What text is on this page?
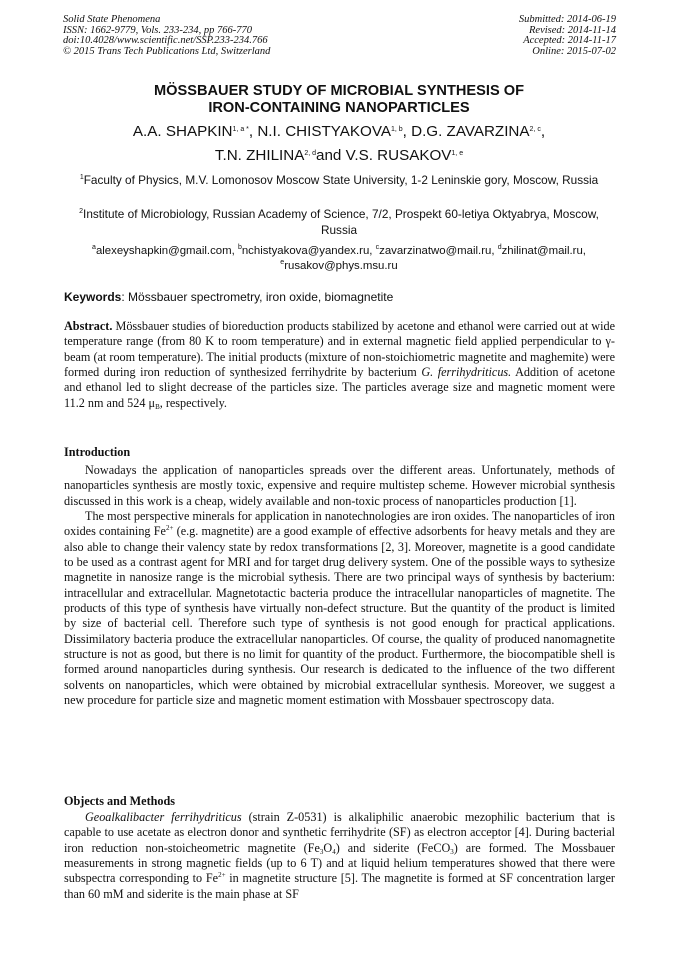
Solid State Phenomena
ISSN: 1662-9779, Vols. 233-234, pp 766-770
doi:10.4028/www.scientific.net/SSP.233-234.766
© 2015 Trans Tech Publications Ltd, Switzerland
Submitted: 2014-06-19
Revised: 2014-11-14
Accepted: 2014-11-17
Online: 2015-07-02
MÖSSBAUER STUDY OF MICROBIAL SYNTHESIS OF
IRON-CONTAINING NANOPARTICLES
A.A. $SHAPKIN^{1, a *}$, N.I. CHISTYAKOVA$^{1, b}$, D.G. ZAVARZINA$^{2, c}$,
T.N. ZHILINA$^{2, d}$and V.S. RUSAKOV$^{1, e}$
$^1$Faculty of Physics, M.V. Lomonosov Moscow State University, 1-2 Leninskie gory, Moscow, Russia
$^2$Institute of Microbiology, Russian Academy of Science, 7/2, Prospekt 60-letiya Oktyabrya, Moscow, Russia
$^a$alexeyshapkin@gmail.com, $^b$nchistyakova@yandex.ru, $^c$zavarzinatwo@mail.ru, $^d$zhilinat@mail.ru,
$^e$rusakov@phys.msu.ru
Keywords: Mössbauer spectrometry, iron oxide, biomagnetite
Abstract. Mössbauer studies of bioreduction products stabilized by acetone and ethanol were carried out at wide temperature range (from 80 K to room temperature) and in external magnetic field applied perpendicular to γ-beam (at room temperature). The initial products (mixture of non-stoichiometric magnetite and maghemite) were formed during iron reduction of synthesized ferrihydrite by bacterium G. ferrihydriticus. Addition of acetone and ethanol led to slight decrease of the particles size. The particles average size and magnetic moment were 11.2 nm and 524 $\mu_B$, respectively.
Introduction

Nowadays the application of nanoparticles spreads over the different areas. Unfortunately, methods of nanoparticles synthesis are mostly toxic, expensive and require multistep scheme. However microbial synthesis discussed in this work is a cheap, widely available and non-toxic process of nanoparticles production [1].

The most perspective minerals for application in nanotechnologies are iron oxides. The nanoparticles of iron oxides containing $Fe^{2+}$ (e.g. magnetite) are a good example of effective adsorbents for heavy metals and they are also able to change their valency state by redox transformations [2, 3]. Moreover, magnetite is a good candidate to be used as a contrast agent for MRI and for target drug delivery system. One of the possible ways to sythesize magnetite in nanosize range is the microbial sythesis. There are two principal ways of synthesis by bacterium: intracellular and extracellular. Magnetotactic bacteria produce the intracellular nanoparticles of magnetite. The products of this type of synthesis have virtually non-defect structure. But the quantity of the product is limited by size of bacterial cell. Therefore such type of synthesis is not good enough for practical applications. Dissimilatory bacteria produce the extracellular nanoparticles. Of course, the quality of produced nanomagnetite structure is not as good, but there is no limit for quantity of the product. Furthermore, the biocompatible shell is formed around nanoparticles during synthesis. Our research is dedicated to the influence of the two different solvents on nanoparticles, which were obtained by microbial extracellular synthesis. Moreover, we suggest a new procedure for particle size and magnetic moment estimation with Mossbauer spectroscopy data.

Objects and Methods

Geoalkalibacter ferrihydriticus (strain Z-0531) is alkaliphilic anaerobic mezophilic bacterium that is capable to use acetate as electron donor and synthetic ferrihydrite (SF) as electron acceptor [4]. During bacterial iron reduction non-stoicheometric magnetite $(Fe_3O_4)$ and siderite (FeCO$_3$) are formed. The Mossbauer measurements in strong magnetic fields (up to 6 T) and at liquid helium temperatures showed that there were subspectra corresponding to $Fe^{2+}$ in magnetite structure [5]. The magnetite is formed at SF concentration larger than 60 mM and siderite is the main phase at SF
